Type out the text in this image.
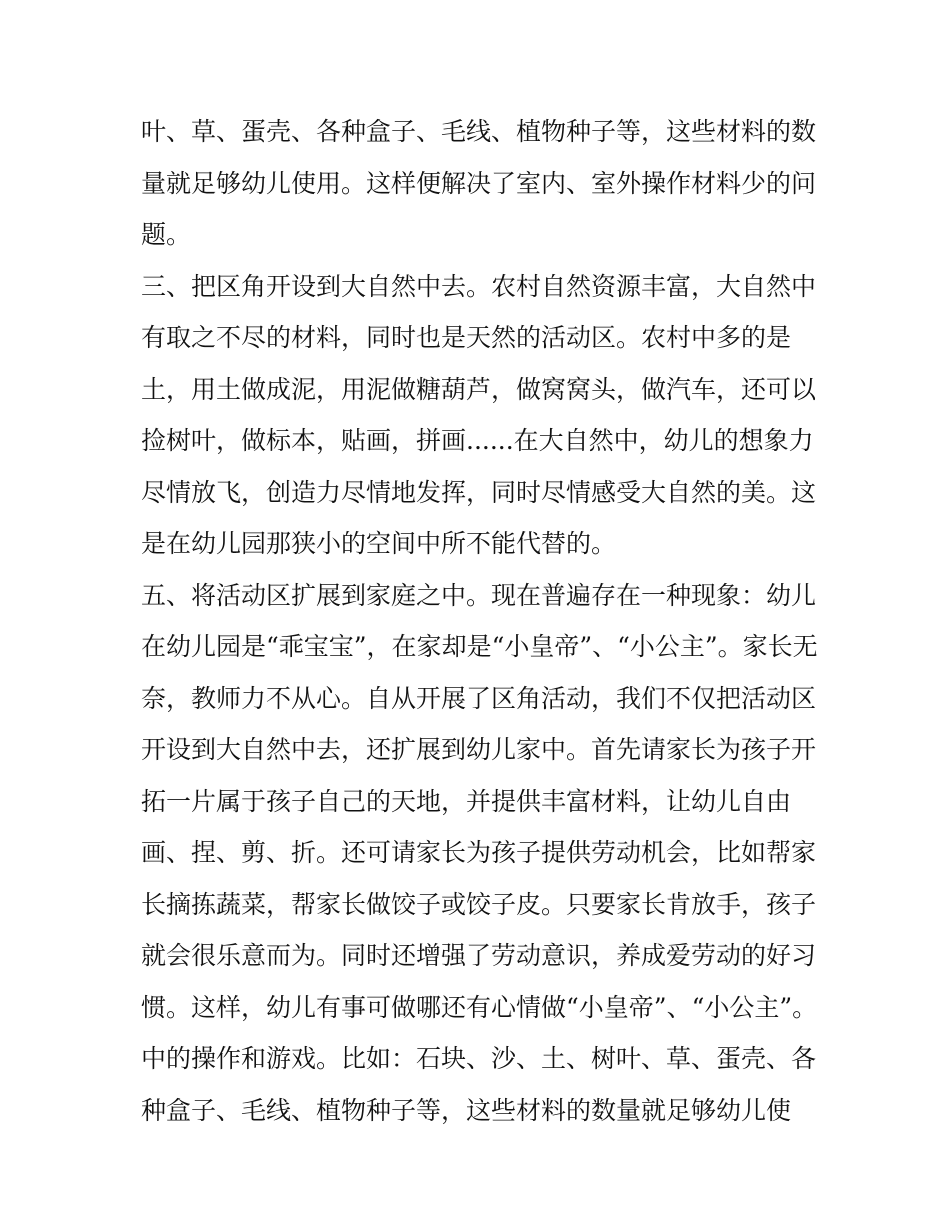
叶、草、蛋壳、各种盒子、毛线、植物种子等，这些材料的数
量就足够幼儿使用。这样便解决了室内、室外操作材料少的问
题。
三、把区角开设到大自然中去。农村自然资源丰富，大自然中
有取之不尽的材料，同时也是天然的活动区。农村中多的是
土，用土做成泥，用泥做糖葫芦，做窝窝头，做汽车，还可以
捡树叶，做标本，贴画，拼画......在大自然中，幼儿的想象力
尽情放飞，创造力尽情地发挥，同时尽情感受大自然的美。这
是在幼儿园那狭小的空间中所不能代替的。
五、将活动区扩展到家庭之中。现在普遍存在一种现象：幼儿
在幼儿园是“乖宝宝”，在家却是“小皇帝”、“小公主”。家长无
奈，教师力不从心。自从开展了区角活动，我们不仅把活动区
开设到大自然中去，还扩展到幼儿家中。首先请家长为孩子开
拓一片属于孩子自己的天地，并提供丰富材料，让幼儿自由
画、捏、剪、折。还可请家长为孩子提供劳动机会，比如帮家
长摘拣蔬菜，帮家长做饺子或饺子皮。只要家长肯放手，孩子
就会很乐意而为。同时还增强了劳动意识，养成爱劳动的好习
惯。这样，幼儿有事可做哪还有心情做“小皇帝”、“小公主”。
中的操作和游戏。比如：石块、沙、土、树叶、草、蛋壳、各
种盒子、毛线、植物种子等，这些材料的数量就足够幼儿使
